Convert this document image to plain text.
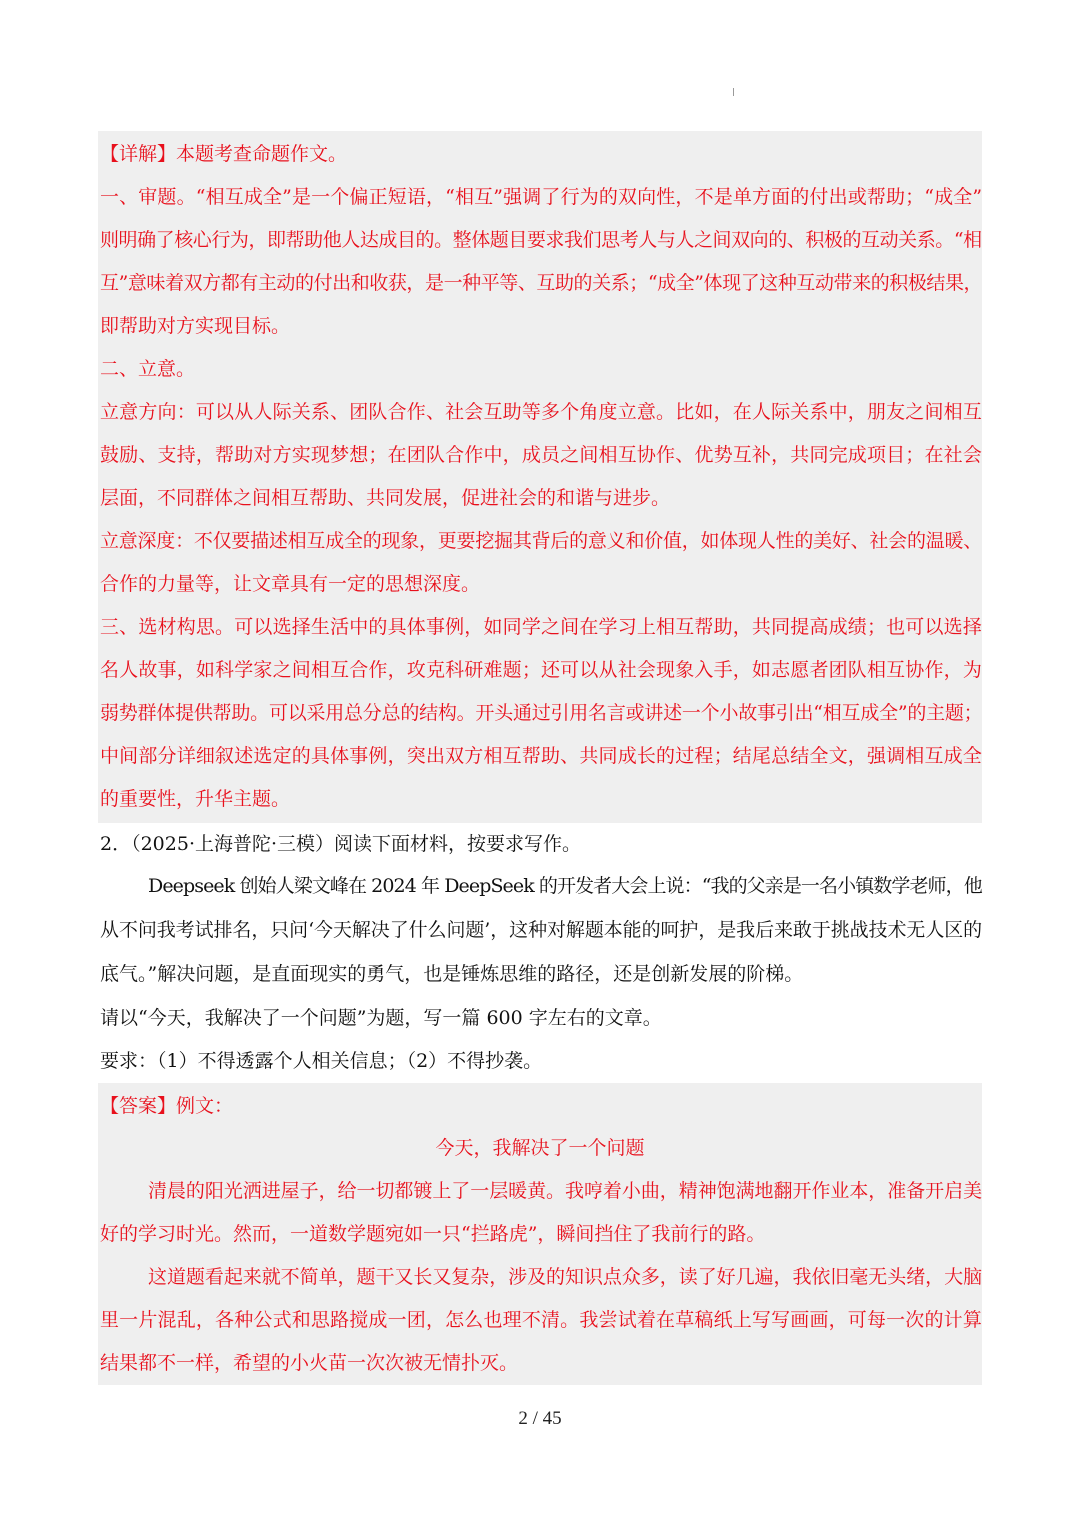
【详解】本题考查命题作文。
一、审题。“相互成全”是一个偏正短语，“相互”强调了行为的双向性，不是单方面的付出或帮助；“成全”
则明确了核心行为，即帮助他人达成目的。整体题目要求我们思考人与人之间双向的、积极的互动关系。“相
互”意味着双方都有主动的付出和收获，是一种平等、互助的关系；“成全”体现了这种互动带来的积极结果，
即帮助对方实现目标。
二、立意。
立意方向：可以从人际关系、团队合作、社会互助等多个角度立意。比如，在人际关系中，朋友之间相互
鼓励、支持，帮助对方实现梦想；在团队合作中，成员之间相互协作、优势互补，共同完成项目；在社会
层面，不同群体之间相互帮助、共同发展，促进社会的和谐与进步。
立意深度：不仅要描述相互成全的现象，更要挖掘其背后的意义和价值，如体现人性的美好、社会的温暖、
合作的力量等，让文章具有一定的思想深度。
三、选材构思。可以选择生活中的具体事例，如同学之间在学习上相互帮助，共同提高成绩；也可以选择
名人故事，如科学家之间相互合作，攻克科研难题；还可以从社会现象入手，如志愿者团队相互协作，为
弱势群体提供帮助。可以采用总分总的结构。开头通过引用名言或讲述一个小故事引出“相互成全”的主题；
中间部分详细叙述选定的具体事例，突出双方相互帮助、共同成长的过程；结尾总结全文，强调相互成全
的重要性，升华主题。
2．（2025·上海普陀·三模）阅读下面材料，按要求写作。
Deepseek 创始人梁文峰在 2024 年 DeepSeek 的开发者大会上说：“我的父亲是一名小镇数学老师，他
从不问我考试排名，只问‘今天解决了什么问题’，这种对解题本能的呵护，是我后来敢于挑战技术无人区的
底气。”解决问题，是直面现实的勇气，也是锤炼思维的路径，还是创新发展的阶梯。
请以“今天，我解决了一个问题”为题，写一篇 600 字左右的文章。
要求：（1）不得透露个人相关信息；（2）不得抄袭。
【答案】例文：
今天，我解决了一个问题
清晨的阳光洒进屋子，给一切都镀上了一层暖黄。我哼着小曲，精神饱满地翻开作业本，准备开启美
好的学习时光。然而，一道数学题宛如一只“拦路虎”，瞬间挡住了我前行的路。
这道题看起来就不简单，题干又长又复杂，涉及的知识点众多，读了好几遍，我依旧毫无头绪，大脑
里一片混乱，各种公式和思路搅成一团，怎么也理不清。我尝试着在草稿纸上写写画画，可每一次的计算
结果都不一样，希望的小火苗一次次被无情扑灭。
2 / 45
